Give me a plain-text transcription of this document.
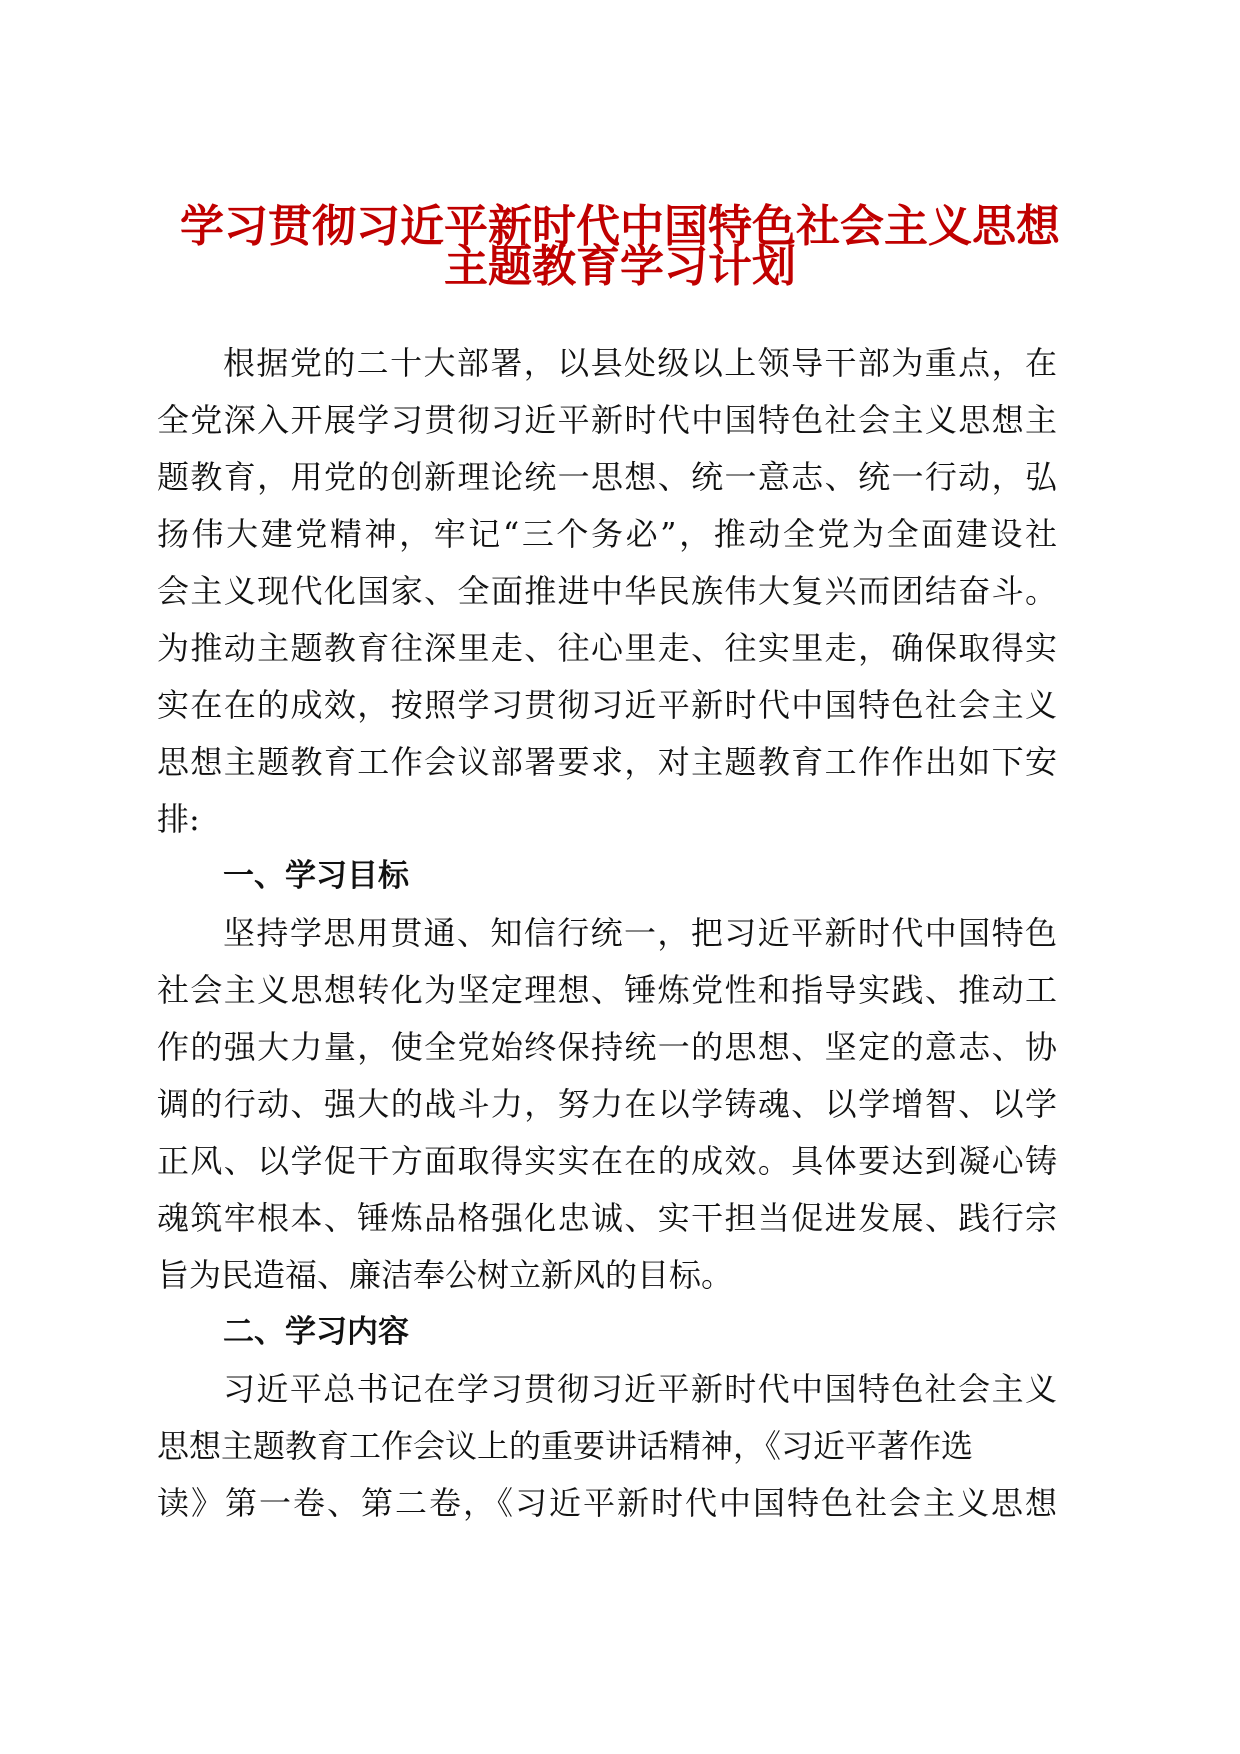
学习贯彻习近平新时代中国特色社会主义思想
主题教育学习计划
根据党的二十大部署，以县处级以上领导干部为重点，在
全党深入开展学习贯彻习近平新时代中国特色社会主义思想主
题教育，用党的创新理论统一思想、统一意志、统一行动，弘
扬伟大建党精神，牢记“三个务必”，推动全党为全面建设社
会主义现代化国家、全面推进中华民族伟大复兴而团结奋斗。
为推动主题教育往深里走、往心里走、往实里走，确保取得实
实在在的成效，按照学习贯彻习近平新时代中国特色社会主义
思想主题教育工作会议部署要求，对主题教育工作作出如下安
排:
一、学习目标
坚持学思用贯通、知信行统一，把习近平新时代中国特色
社会主义思想转化为坚定理想、锤炼党性和指导实践、推动工
作的强大力量，使全党始终保持统一的思想、坚定的意志、协
调的行动、强大的战斗力，努力在以学铸魂、以学增智、以学
正风、以学促干方面取得实实在在的成效。具体要达到凝心铸
魂筑牢根本、锤炼品格强化忠诚、实干担当促进发展、践行宗
旨为民造福、廉洁奉公树立新风的目标。
二、学习内容
习近平总书记在学习贯彻习近平新时代中国特色社会主义
思想主题教育工作会议上的重要讲话精神，《习近平著作选
读》第一卷、第二卷，《习近平新时代中国特色社会主义思想
